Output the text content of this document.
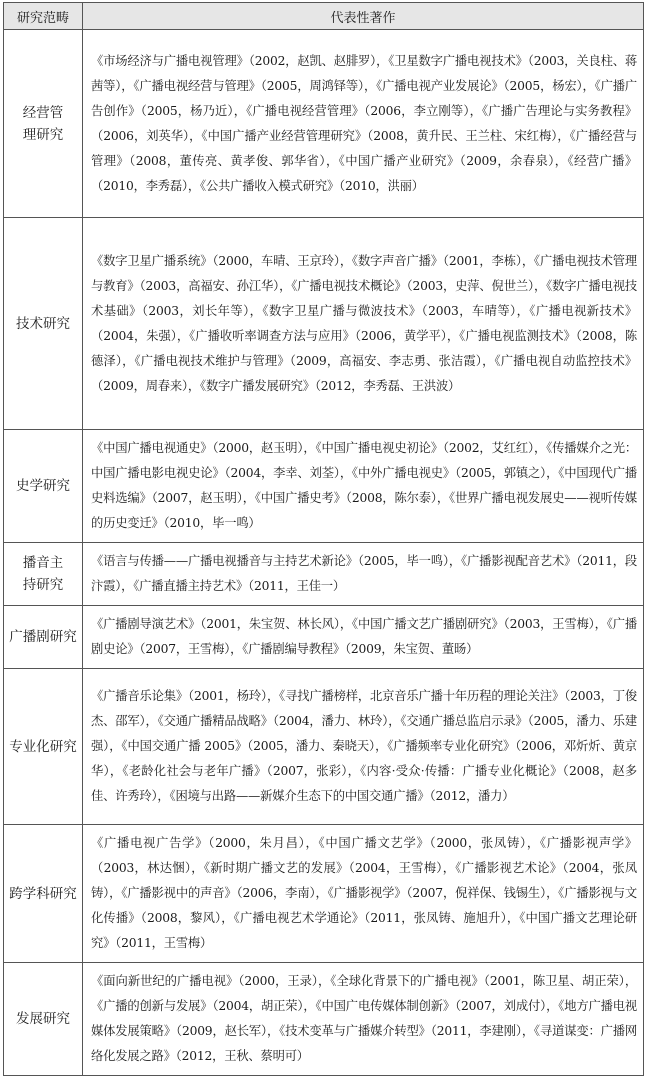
研究范畴	代表性著作
经营管理研究	《市场经济与广播电视管理》（2002，赵凯、赵腓罗），《卫星数字广播电视技术》（2003，关良柱、蒋茜等），《广播电视经营与管理》（2005，周鸿铎等），《广播电视产业发展论》（2005，杨宏），《广播广告创作》（2005，杨乃近），《广播电视经营管理》（2006，李立刚等），《广播广告理论与实务教程》（2006，刘英华），《中国广播产业经营管理研究》（2008，黄升民、王兰柱、宋红梅），《广播经营与管理》（2008，董传亮、黄孝俊、郭华省），《中国广播产业研究》（2009，余春泉），《经营广播》（2010，李秀磊），《公共广播收入模式研究》（2010，洪丽）
技术研究	《数字卫星广播系统》（2000，车晴、王京玲），《数字声音广播》（2001，李栋），《广播电视技术管理与教育》（2003，高福安、孙江华），《广播电视技术概论》（2003，史萍、倪世兰），《数字广播电视技术基础》（2003，刘长年等），《数字卫星广播与微波技术》（2003，车晴等），《广播电视新技术》（2004，朱强），《广播收听率调查方法与应用》（2006，黄学平），《广播电视监测技术》（2008，陈德泽），《广播电视技术维护与管理》（2009，高福安、李志勇、张洁霞），《广播电视自动监控技术》（2009，周春来），《数字广播发展研究》（2012，李秀磊、王洪波）
史学研究	《中国广播电视通史》（2000，赵玉明），《中国广播电视史初论》（2002，艾红红），《传播媒介之光：中国广播电影电视史论》（2004，李幸、刘荃），《中外广播电视史》（2005，郭镇之），《中国现代广播史料选编》（2007，赵玉明），《中国广播史考》（2008，陈尔泰），《世界广播电视发展史——视听传媒的历史变迁》（2010，毕一鸣）
播音主持研究	《语言与传播——广播电视播音与主持艺术新论》（2005，毕一鸣），《广播影视配音艺术》（2011，段汴霞），《广播直播主持艺术》（2011，王佳一）
广播剧研究	《广播剧导演艺术》（2001，朱宝贺、林长风），《中国广播文艺广播剧研究》（2003，王雪梅），《广播剧史论》（2007，王雪梅），《广播剧编导教程》（2009，朱宝贺、董旸）
专业化研究	《广播音乐论集》（2001，杨玲），《寻找广播榜样，北京音乐广播十年历程的理论关注》（2003，丁俊杰、邵军），《交通广播精品战略》（2004，潘力、林玲），《交通广播总监启示录》（2005，潘力、乐建强），《中国交通广播 2005》（2005，潘力、秦晓天），《广播频率专业化研究》（2006，邓炘炘、黄京华），《老龄化社会与老年广播》（2007，张彩），《内容·受众·传播：广播专业化概论》（2008，赵多佳、许秀玲），《困境与出路——新媒介生态下的中国交通广播》（2012，潘力）
跨学科研究	《广播电视广告学》（2000，朱月昌），《中国广播文艺学》（2000，张凤铸），《广播影视声学》（2003，林达悃），《新时期广播文艺的发展》（2004，王雪梅），《广播影视艺术论》（2004，张凤铸），《广播影视中的声音》（2006，李南），《广播影视学》（2007，倪祥保、钱锡生），《广播影视与文化传播》（2008，黎风），《广播电视艺术学通论》（2011，张凤铸、施旭升），《中国广播文艺理论研究》（2011，王雪梅）
发展研究	《面向新世纪的广播电视》（2000，王录），《全球化背景下的广播电视》（2001，陈卫星、胡正荣），《广播的创新与发展》（2004，胡正荣），《中国广电传媒体制创新》（2007，刘成付），《地方广播电视媒体发展策略》（2009，赵长军），《技术变革与广播媒介转型》（2011，李建刚），《寻道谋变：广播网络化发展之路》（2012，王秋、蔡明可）
